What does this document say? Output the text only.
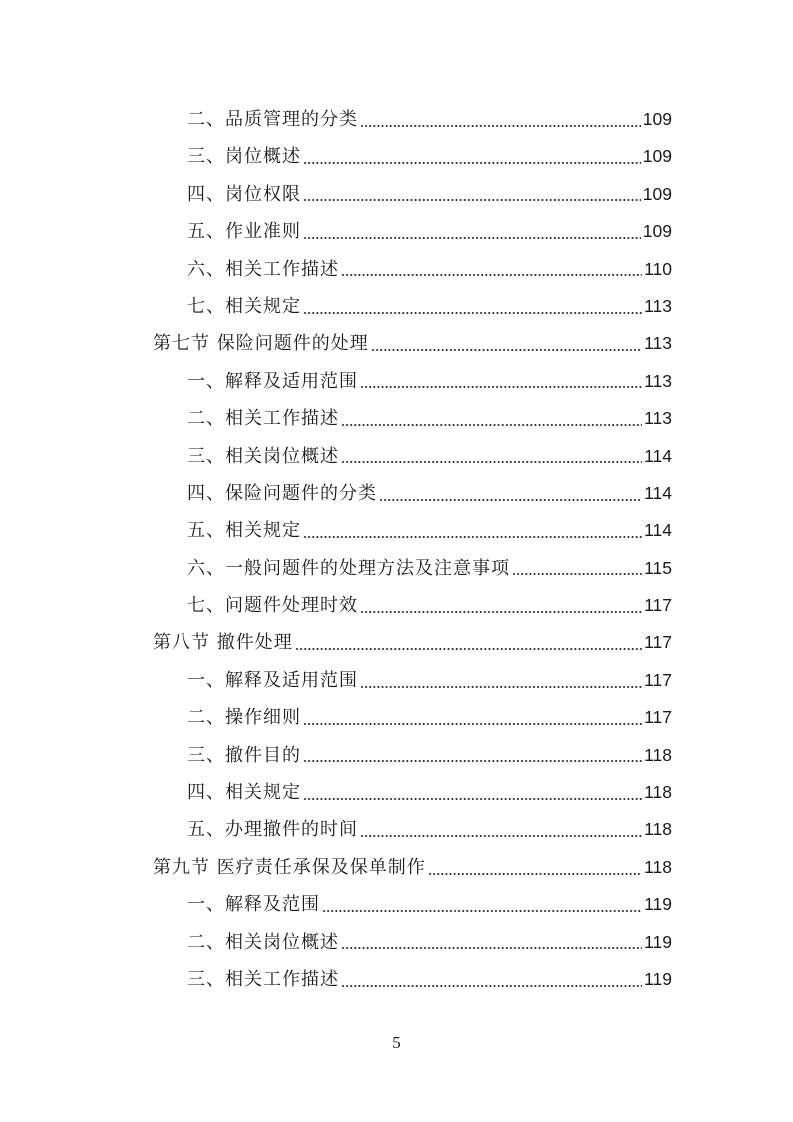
二、品质管理的分类	109
三、岗位概述	109
四、岗位权限	109
五、作业准则	109
六、相关工作描述	110
七、相关规定	113
第七节 保险问题件的处理	113
一、解释及适用范围	113
二、相关工作描述	113
三、相关岗位概述	114
四、保险问题件的分类	114
五、相关规定	114
六、一般问题件的处理方法及注意事项	115
七、问题件处理时效	117
第八节 撤件处理	117
一、解释及适用范围	117
二、操作细则	117
三、撤件目的	118
四、相关规定	118
五、办理撤件的时间	118
第九节 医疗责任承保及保单制作	118
一、解释及范围	119
二、相关岗位概述	119
三、相关工作描述	119
5
